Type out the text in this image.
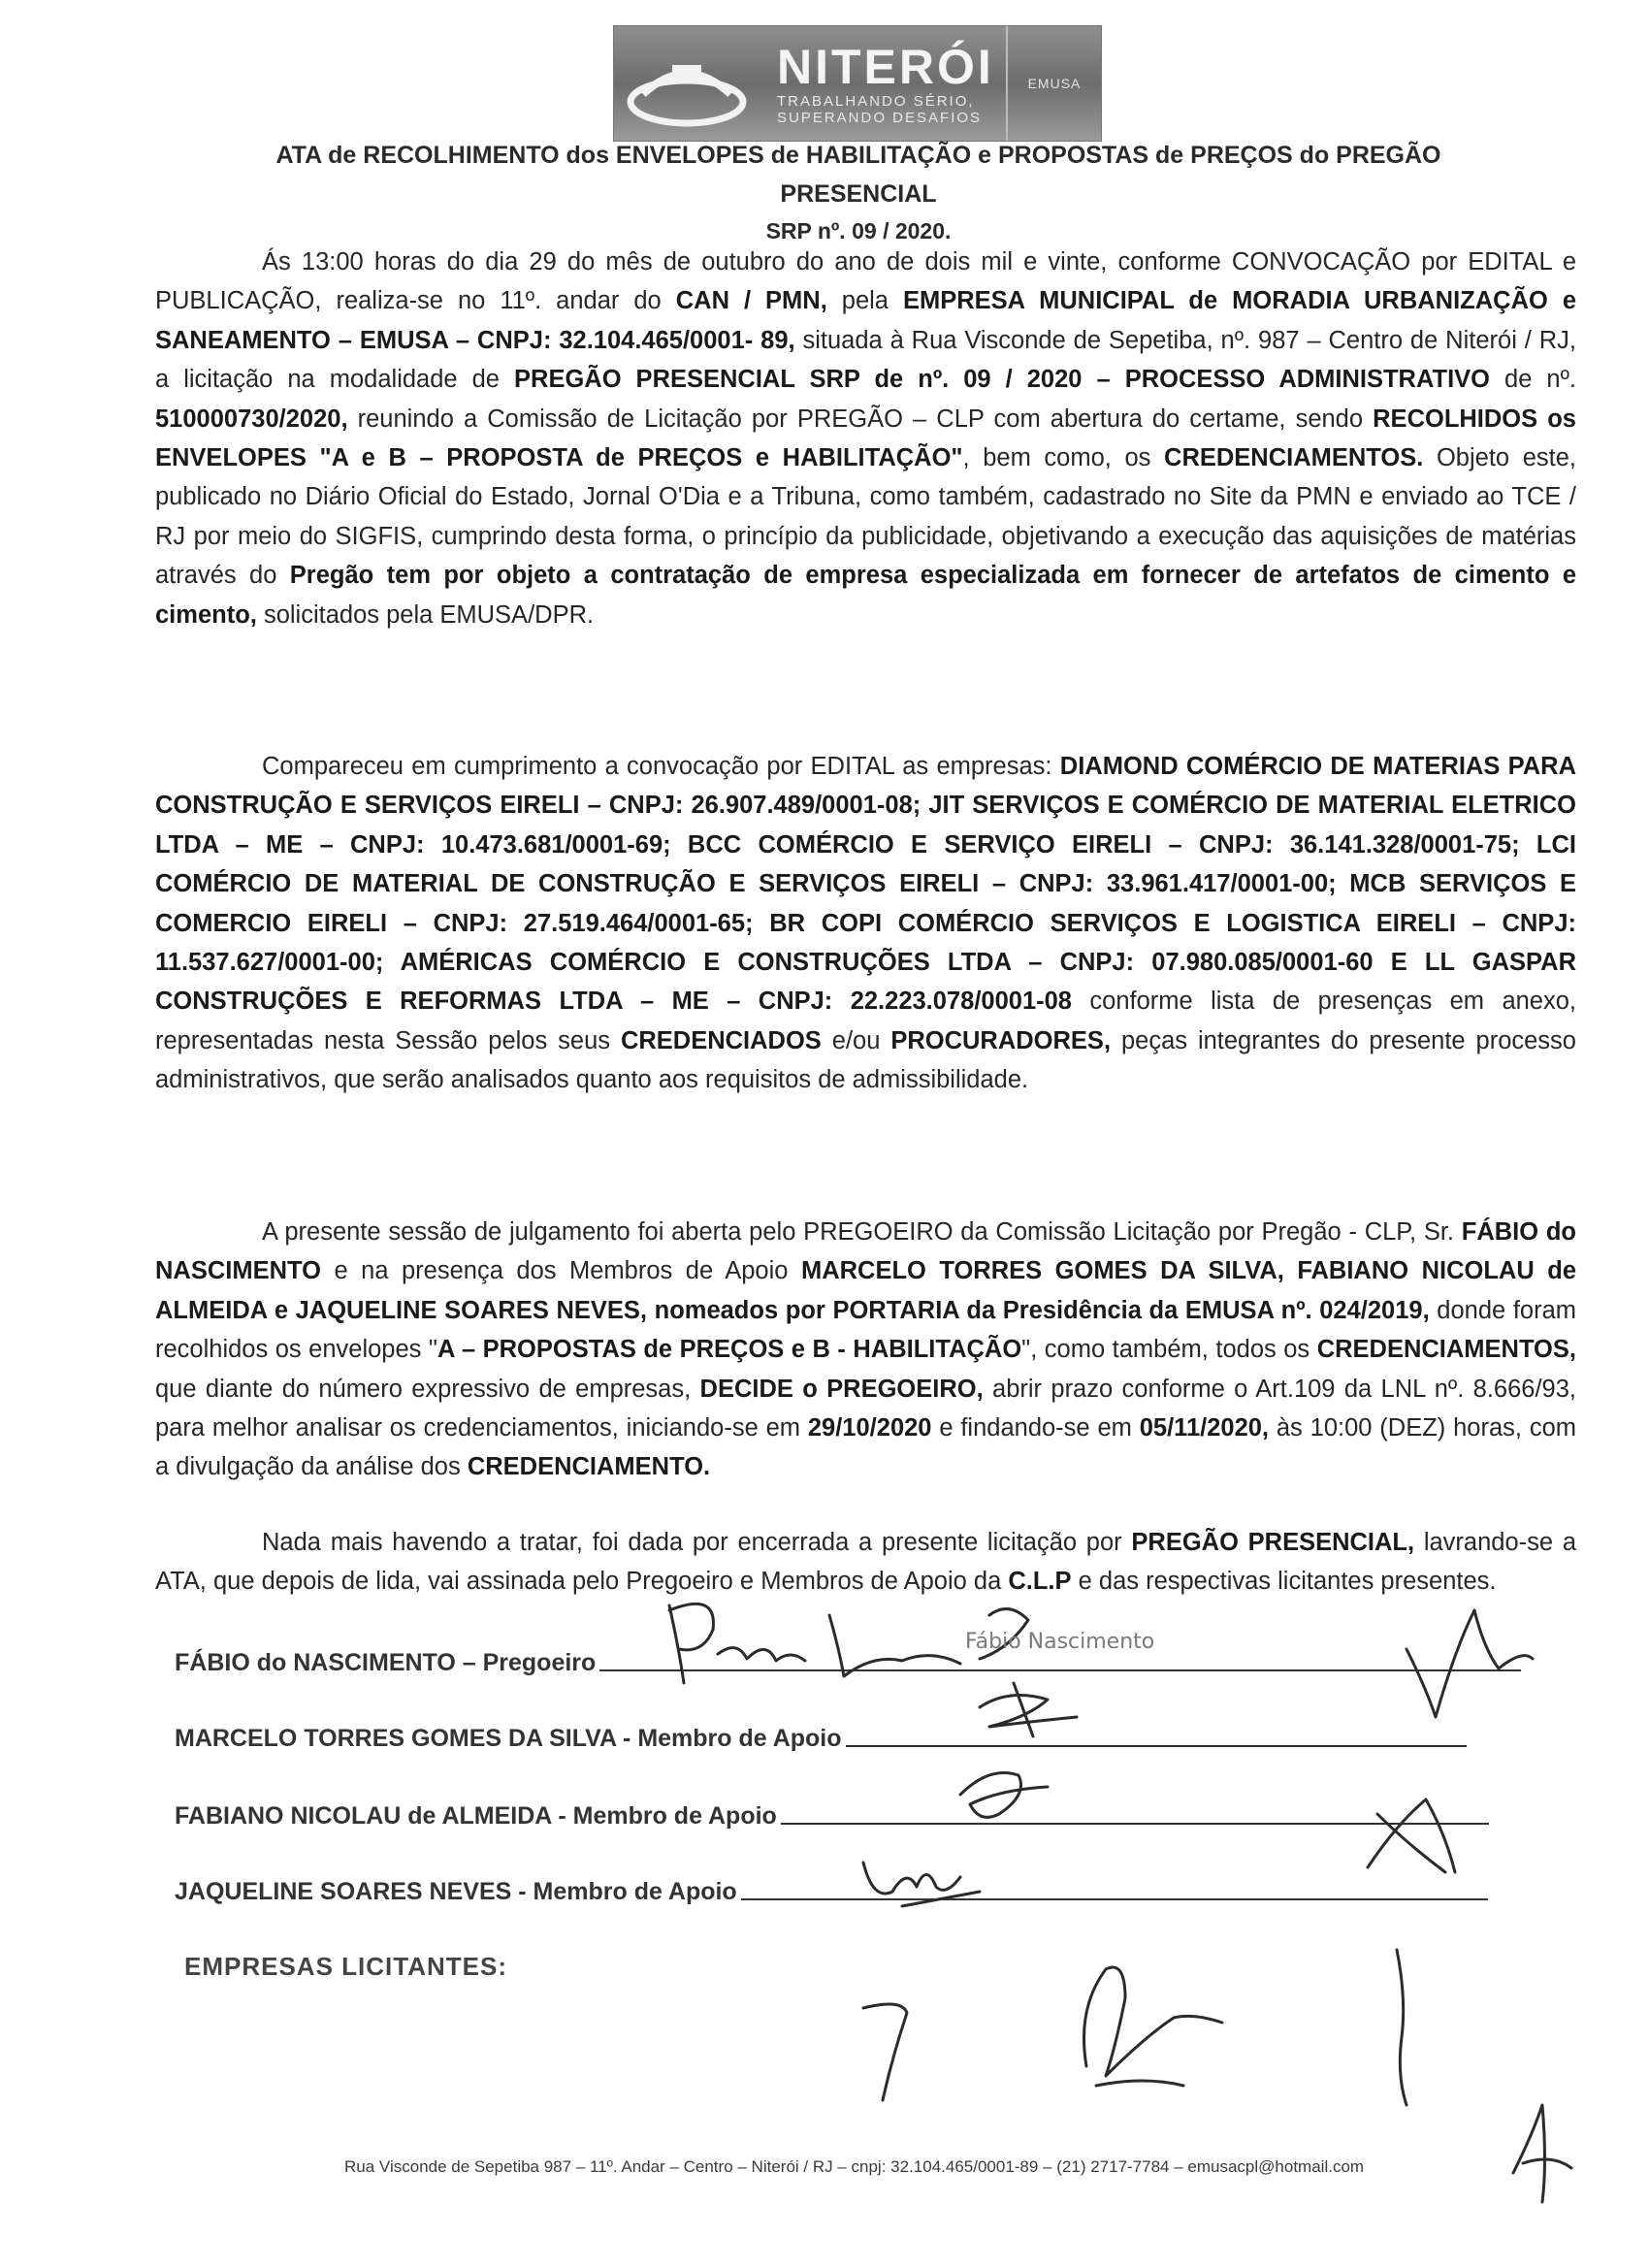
NITERÓI
TRABALHANDO SÉRIO,
SUPERANDO DESAFIOS
EMUSA
ATA de RECOLHIMENTO dos ENVELOPES de HABILITAÇÃO e PROPOSTAS de PREÇOS do PREGÃO PRESENCIAL
SRP nº. 09 / 2020.

Ás 13:00 horas do dia 29 do mês de outubro do ano de dois mil e vinte, conforme CONVOCAÇÃO por EDITAL e PUBLICAÇÃO, realiza-se no 11º. andar do CAN / PMN, pela EMPRESA MUNICIPAL de MORADIA URBANIZAÇÃO e SANEAMENTO – EMUSA – CNPJ: 32.104.465/0001- 89, situada à Rua Visconde de Sepetiba, nº. 987 – Centro de Niterói / RJ, a licitação na modalidade de PREGÃO PRESENCIAL SRP de nº. 09 / 2020 – PROCESSO ADMINISTRATIVO de nº. 510000730/2020, reunindo a Comissão de Licitação por PREGÃO – CLP com abertura do certame, sendo RECOLHIDOS os ENVELOPES "A e B – PROPOSTA de PREÇOS e HABILITAÇÃO", bem como, os CREDENCIAMENTOS. Objeto este, publicado no Diário Oficial do Estado, Jornal O'Dia e a Tribuna, como também, cadastrado no Site da PMN e enviado ao TCE / RJ por meio do SIGFIS, cumprindo desta forma, o princípio da publicidade, objetivando a execução das aquisições de matérias através do Pregão tem por objeto a contratação de empresa especializada em fornecer de artefatos de cimento e cimento, solicitados pela EMUSA/DPR.

Compareceu em cumprimento a convocação por EDITAL as empresas: DIAMOND COMÉRCIO DE MATERIAS PARA CONSTRUÇÃO E SERVIÇOS EIRELI – CNPJ: 26.907.489/0001-08; JIT SERVIÇOS E COMÉRCIO DE MATERIAL ELETRICO LTDA – ME – CNPJ: 10.473.681/0001-69; BCC COMÉRCIO E SERVIÇO EIRELI – CNPJ: 36.141.328/0001-75; LCI COMÉRCIO DE MATERIAL DE CONSTRUÇÃO E SERVIÇOS EIRELI – CNPJ: 33.961.417/0001-00; MCB SERVIÇOS E COMERCIO EIRELI – CNPJ: 27.519.464/0001-65; BR COPI COMÉRCIO SERVIÇOS E LOGISTICA EIRELI – CNPJ: 11.537.627/0001-00; AMÉRICAS COMÉRCIO E CONSTRUÇÕES LTDA – CNPJ: 07.980.085/0001-60 E LL GASPAR CONSTRUÇÕES E REFORMAS LTDA – ME – CNPJ: 22.223.078/0001-08 conforme lista de presenças em anexo, representadas nesta Sessão pelos seus CREDENCIADOS e/ou PROCURADORES, peças integrantes do presente processo administrativos, que serão analisados quanto aos requisitos de admissibilidade.

A presente sessão de julgamento foi aberta pelo PREGOEIRO da Comissão Licitação por Pregão - CLP, Sr. FÁBIO do NASCIMENTO e na presença dos Membros de Apoio MARCELO TORRES GOMES DA SILVA, FABIANO NICOLAU de ALMEIDA e JAQUELINE SOARES NEVES, nomeados por PORTARIA da Presidência da EMUSA nº. 024/2019, donde foram recolhidos os envelopes "A – PROPOSTAS de PREÇOS e B - HABILITAÇÃO", como também, todos os CREDENCIAMENTOS, que diante do número expressivo de empresas, DECIDE o PREGOEIRO, abrir prazo conforme o Art.109 da LNL nº. 8.666/93, para melhor analisar os credenciamentos, iniciando-se em 29/10/2020 e findando-se em 05/11/2020, às 10:00 (DEZ) horas, com a divulgação da análise dos CREDENCIAMENTO.

Nada mais havendo a tratar, foi dada por encerrada a presente licitação por PREGÃO PRESENCIAL, lavrando-se a ATA, que depois de lida, vai assinada pelo Pregoeiro e Membros de Apoio da C.L.P e das respectivas licitantes presentes.

FÁBIO do NASCIMENTO – Pregoeiro
MARCELO TORRES GOMES DA SILVA - Membro de Apoio
FABIANO NICOLAU de ALMEIDA - Membro de Apoio
JAQUELINE SOARES NEVES - Membro de Apoio
EMPRESAS LICITANTES:
Fábio Nascimento
Rua Visconde de Sepetiba 987 – 11º. Andar – Centro – Niterói / RJ – cnpj: 32.104.465/0001-89 – (21) 2717-7784 – emusacpl@hotmail.com
